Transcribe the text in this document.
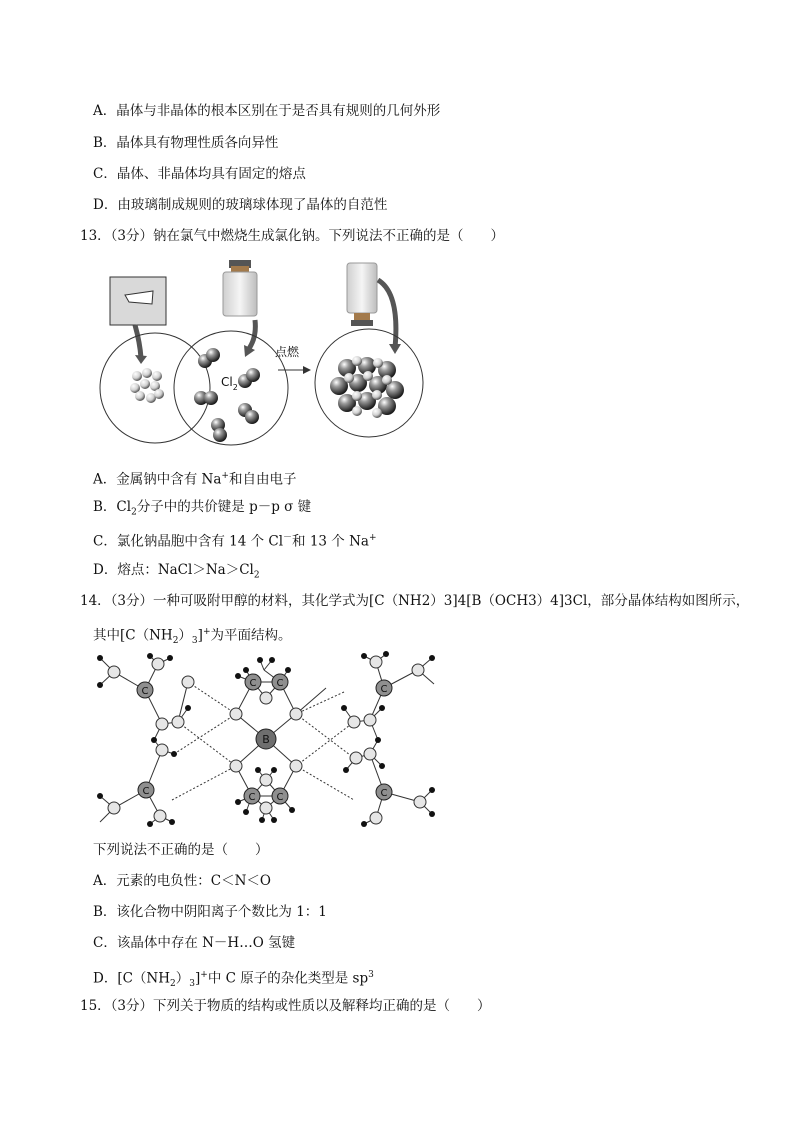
A．晶体与非晶体的根本区别在于是否具有规则的几何外形
B．晶体具有物理性质各向异性
C．晶体、非晶体均具有固定的熔点
D．由玻璃制成规则的玻璃球体现了晶体的自范性
13．（3分）钠在氯气中燃烧生成氯化钠。下列说法不正确的是（　　）
$Cl_2$
点燃
A．金属钠中含有 Na+和自由电子
B．$Cl_2$分子中的共价键是 p－p σ 键
C．氯化钠晶胞中含有 14 个 Cl－和 13 个 Na+
D．熔点：$NaCl>Na>Cl_2$
14．（3分）一种可吸附甲醇的材料，其化学式为[C（NH2）3]4[B（OCH3）4]3Cl，部分晶体结构如图所示，
其中$[C(NH_2)_3]^+$为平面结构。
C
C
C C
C C
C
C
B
下列说法不正确的是（　　）
A．元素的电负性：C＜N＜O
B．该化合物中阴阳离子个数比为 1：1
C．该晶体中存在 N－H…O 氢键
D．$[C(NH_2)_3]^+$中 C 原子的杂化类型是 $sp^3$
15．（3分）下列关于物质的结构或性质以及解释均正确的是（　　）
